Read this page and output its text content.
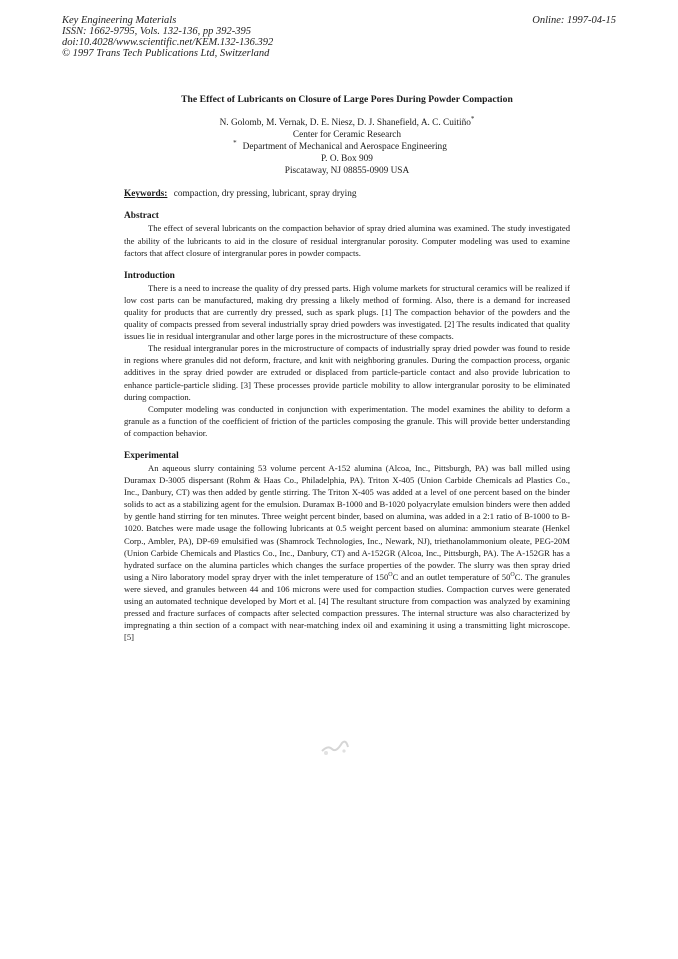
Key Engineering Materials
ISSN: 1662-9795, Vols. 132-136, pp 392-395
doi:10.4028/www.scientific.net/KEM.132-136.392
© 1997 Trans Tech Publications Ltd, Switzerland
Online: 1997-04-15
The Effect of Lubricants on Closure of Large Pores During Powder Compaction
N. Golomb, M. Vernak, D. E. Niesz, D. J. Shanefield, A. C. Cuitiño*
Center for Ceramic Research
* Department of Mechanical and Aerospace Engineering
P. O. Box 909
Piscataway, NJ 08855-0909 USA
Keywords: compaction, dry pressing, lubricant, spray drying
Abstract

The effect of several lubricants on the compaction behavior of spray dried alumina was examined. The study investigated the ability of the lubricants to aid in the closure of residual intergranular porosity. Computer modeling was used to examine factors that affect closure of intergranular pores in powder compacts.

Introduction

There is a need to increase the quality of dry pressed parts. High volume markets for structural ceramics will be realized if low cost parts can be manufactured, making dry pressing a likely method of forming. Also, there is a demand for increased quality for products that are currently dry pressed, such as spark plugs. [1] The compaction behavior of the powders and the quality of compacts pressed from several industrially spray dried powders was investigated. [2] The results indicated that quality issues lie in residual intergranular and other large pores in the microstructure of these compacts.

The residual intergranular pores in the microstructure of compacts of industrially spray dried powder was found to reside in regions where granules did not deform, fracture, and knit with neighboring granules. During the compaction process, organic additives in the spray dried powder are extruded or displaced from particle-particle contact and also provide lubrication to enhance particle-particle sliding. [3] These processes provide particle mobility to allow intergranular porosity to be eliminated during compaction.

Computer modeling was conducted in conjunction with experimentation. The model examines the ability to deform a granule as a function of the coefficient of friction of the particles composing the granule. This will provide better understanding of compaction behavior.

Experimental

An aqueous slurry containing 53 volume percent A-152 alumina (Alcoa, Inc., Pittsburgh, PA) was ball milled using Duramax D-3005 dispersant (Rohm & Haas Co., Philadelphia, PA). Triton X-405 (Union Carbide Chemicals ad Plastics Co., Inc., Danbury, CT) was then added by gentle stirring. The Triton X-405 was added at a level of one percent based on the binder solids to act as a stabilizing agent for the emulsion. Duramax B-1000 and B-1020 polyacrylate emulsion binders were then added by gentle hand stirring for ten minutes. Three weight percent binder, based on alumina, was added in a 2:1 ratio of B-1000 to B-1020. Batches were made usage the following lubricants at 0.5 weight percent based on alumina: ammonium stearate (Henkel Corp., Ambler, PA), DP-69 emulsified was (Shamrock Technologies, Inc., Newark, NJ), triethanolammonium oleate, PEG-20M (Union Carbide Chemicals and Plastics Co., Inc., Danbury, CT) and A-152GR (Alcoa, Inc., Pittsburgh, PA). The A-152GR has a hydrated surface on the alumina particles which changes the surface properties of the powder. The slurry was then spray dried using a Niro laboratory model spray dryer with the inlet temperature of $150^OC$ and an outlet temperature of $50^OC$. The granules were sieved, and granules between 44 and 106 microns were used for compaction studies. Compaction curves were generated using an automated technique developed by Mort et al. [4] The resultant structure from compaction was analyzed by examining pressed and fracture surfaces of compacts after selected compaction pressures. The internal structure was also characterized by impregnating a thin section of a compact with near-matching index oil and examining it using a transmitting light microscope. [5]
